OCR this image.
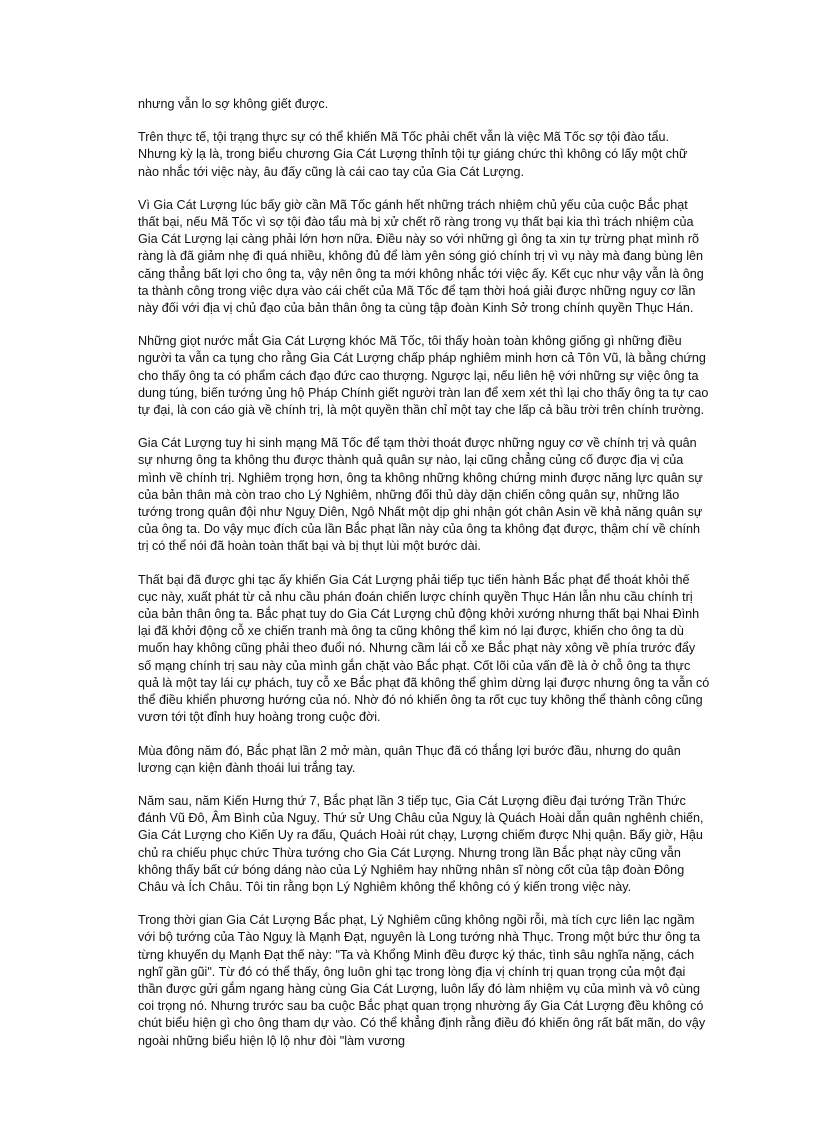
nhưng vẫn lo sợ không giết được.

Trên thực tế, tội trạng thực sự có thể khiến Mã Tốc phải chết vẫn là việc Mã Tốc sợ tội đào tẩu. Nhưng kỳ lạ là, trong biểu chương Gia Cát Lượng thỉnh tội tự giáng chức thì không có lấy một chữ nào nhắc tới việc này, âu đấy cũng là cái cao tay của Gia Cát Lượng.

Vì Gia Cát Lượng lúc bấy giờ cần Mã Tốc gánh hết những trách nhiệm chủ yếu của cuộc Bắc phạt thất bại, nếu Mã Tốc vì sợ tội đào tẩu mà bị xử chết rõ ràng trong vụ thất bại kia thì trách nhiệm của Gia Cát Lượng lại càng phải lớn hơn nữa. Điều này so với những gì ông ta xin tự trừng phạt mình rõ ràng là đã giảm nhẹ đi quá nhiều, không đủ để làm yên sóng gió chính trị vì vụ này mà đang bùng lên căng thẳng bất lợi cho ông ta, vậy nên ông ta mới không nhắc tới việc ấy. Kết cục như vậy vẫn là ông ta thành công trong việc dựa vào cái chết của Mã Tốc để tạm thời hoá giải được những nguy cơ lần này đối với địa vị chủ đạo của bản thân ông ta cùng tập đoàn Kinh Sở trong chính quyền Thục Hán.

Những giọt nước mắt Gia Cát Lượng khóc Mã Tốc, tôi thấy hoàn toàn không giống gì những điều người ta vẫn ca tụng cho rằng Gia Cát Lượng chấp pháp nghiêm minh hơn cả Tôn Vũ, là bằng chứng cho thấy ông ta có phẩm cách đạo đức cao thượng. Ngược lại, nếu liên hệ với những sự việc ông ta dung túng, biến tướng ủng hộ Pháp Chính giết người tràn lan để xem xét thì lại cho thấy ông ta tự cao tự đại, là con cáo già về chính trị, là một quyền thần chỉ một tay che lấp cả bầu trời trên chính trường.

Gia Cát Lượng tuy hi sinh mạng Mã Tốc để tạm thời thoát được những nguy cơ về chính trị và quân sự nhưng ông ta không thu được thành quả quân sự nào, lại cũng chẳng củng cố được địa vị của mình về chính trị. Nghiêm trọng hơn, ông ta không những không chứng minh được năng lực quân sự của bản thân mà còn trao cho Lý Nghiêm, những đối thủ dày dặn chiến công quân sự, những lão tướng trong quân đội như Nguỵ Diên, Ngô Nhất một dịp ghi nhận gót chân Asin về khả năng quân sự của ông ta. Do vậy mục đích của lần Bắc phạt lần này của ông ta không đạt được, thậm chí về chính trị có thể nói đã hoàn toàn thất bại và bị thụt lùi một bước dài.

Thất bại đã được ghi tạc ấy khiến Gia Cát Lượng phải tiếp tục tiến hành Bắc phạt để thoát khỏi thế cục này, xuất phát từ cả nhu cầu phán đoán chiến lược chính quyền Thục Hán lẫn nhu cầu chính trị của bản thân ông ta. Bắc phạt tuy do Gia Cát Lượng chủ động khởi xướng nhưng thất bại Nhai Đình lại đã khởi động cỗ xe chiến tranh mà ông ta cũng không thể kìm nó lại được, khiến cho ông ta dù muốn hay không cũng phải theo đuổi nó. Nhưng cầm lái cỗ xe Bắc phạt này xông về phía trước đẩy số mạng chính trị sau này của mình gắn chặt vào Bắc phạt. Cốt lõi của vấn đề là ở chỗ ông ta thực quả là một tay lái cự phách, tuy cỗ xe Bắc phạt đã không thể ghìm dừng lại được nhưng ông ta vẫn có thể điều khiển phương hướng của nó. Nhờ đó nó khiến ông ta rốt cục tuy không thể thành công cũng vươn tới tột đỉnh huy hoàng trong cuộc đời.

Mùa đông năm đó, Bắc phạt lần 2 mở màn, quân Thục đã có thắng lợi bước đầu, nhưng do quân lương cạn kiện đành thoái lui trắng tay.

Năm sau, năm Kiến Hưng thứ 7, Bắc phạt lần 3 tiếp tục, Gia Cát Lượng điều đại tướng Trần Thức đánh Vũ Đô, Âm Bình của Nguỵ. Thứ sử Ung Châu của Nguỵ là Quách Hoài dẫn quân nghênh chiến, Gia Cát Lượng cho Kiến Uy ra đấu, Quách Hoài rút chạy, Lượng chiếm được Nhị quận. Bấy giờ, Hậu chủ ra chiếu phục chức Thừa tướng cho Gia Cát Lượng. Nhưng trong lần Bắc phạt này cũng vẫn không thấy bất cứ bóng dáng nào của Lý Nghiêm hay những nhân sĩ nòng cốt của tập đoàn Đông Châu và Ích Châu. Tôi tin rằng bọn Lý Nghiêm không thể không có ý kiến trong việc này.

Trong thời gian Gia Cát Lượng Bắc phạt, Lý Nghiêm cũng không ngồi rỗi, mà tích cực liên lạc ngầm với bộ tướng của Tào Nguỵ là Mạnh Đạt, nguyên là Long tướng nhà Thục. Trong một bức thư ông ta từng khuyến dụ Mạnh Đạt thế này: "Ta và Khổng Minh đều được ký thác, tình sâu nghĩa nặng, cách nghĩ gần gũi". Từ đó có thể thấy, ông luôn ghi tạc trong lòng địa vị chính trị quan trọng của một đại thần được gửi gắm ngang hàng cùng Gia Cát Lượng, luôn lấy đó làm nhiệm vụ của mình và vô cùng coi trọng nó. Nhưng trước sau ba cuộc Bắc phạt quan trọng nhường ấy Gia Cát Lượng đều không có chút biểu hiện gì cho ông tham dự vào. Có thể khẳng định rằng điều đó khiến ông rất bất mãn, do vậy ngoài những biểu hiện lộ lộ như đòi "làm vương
